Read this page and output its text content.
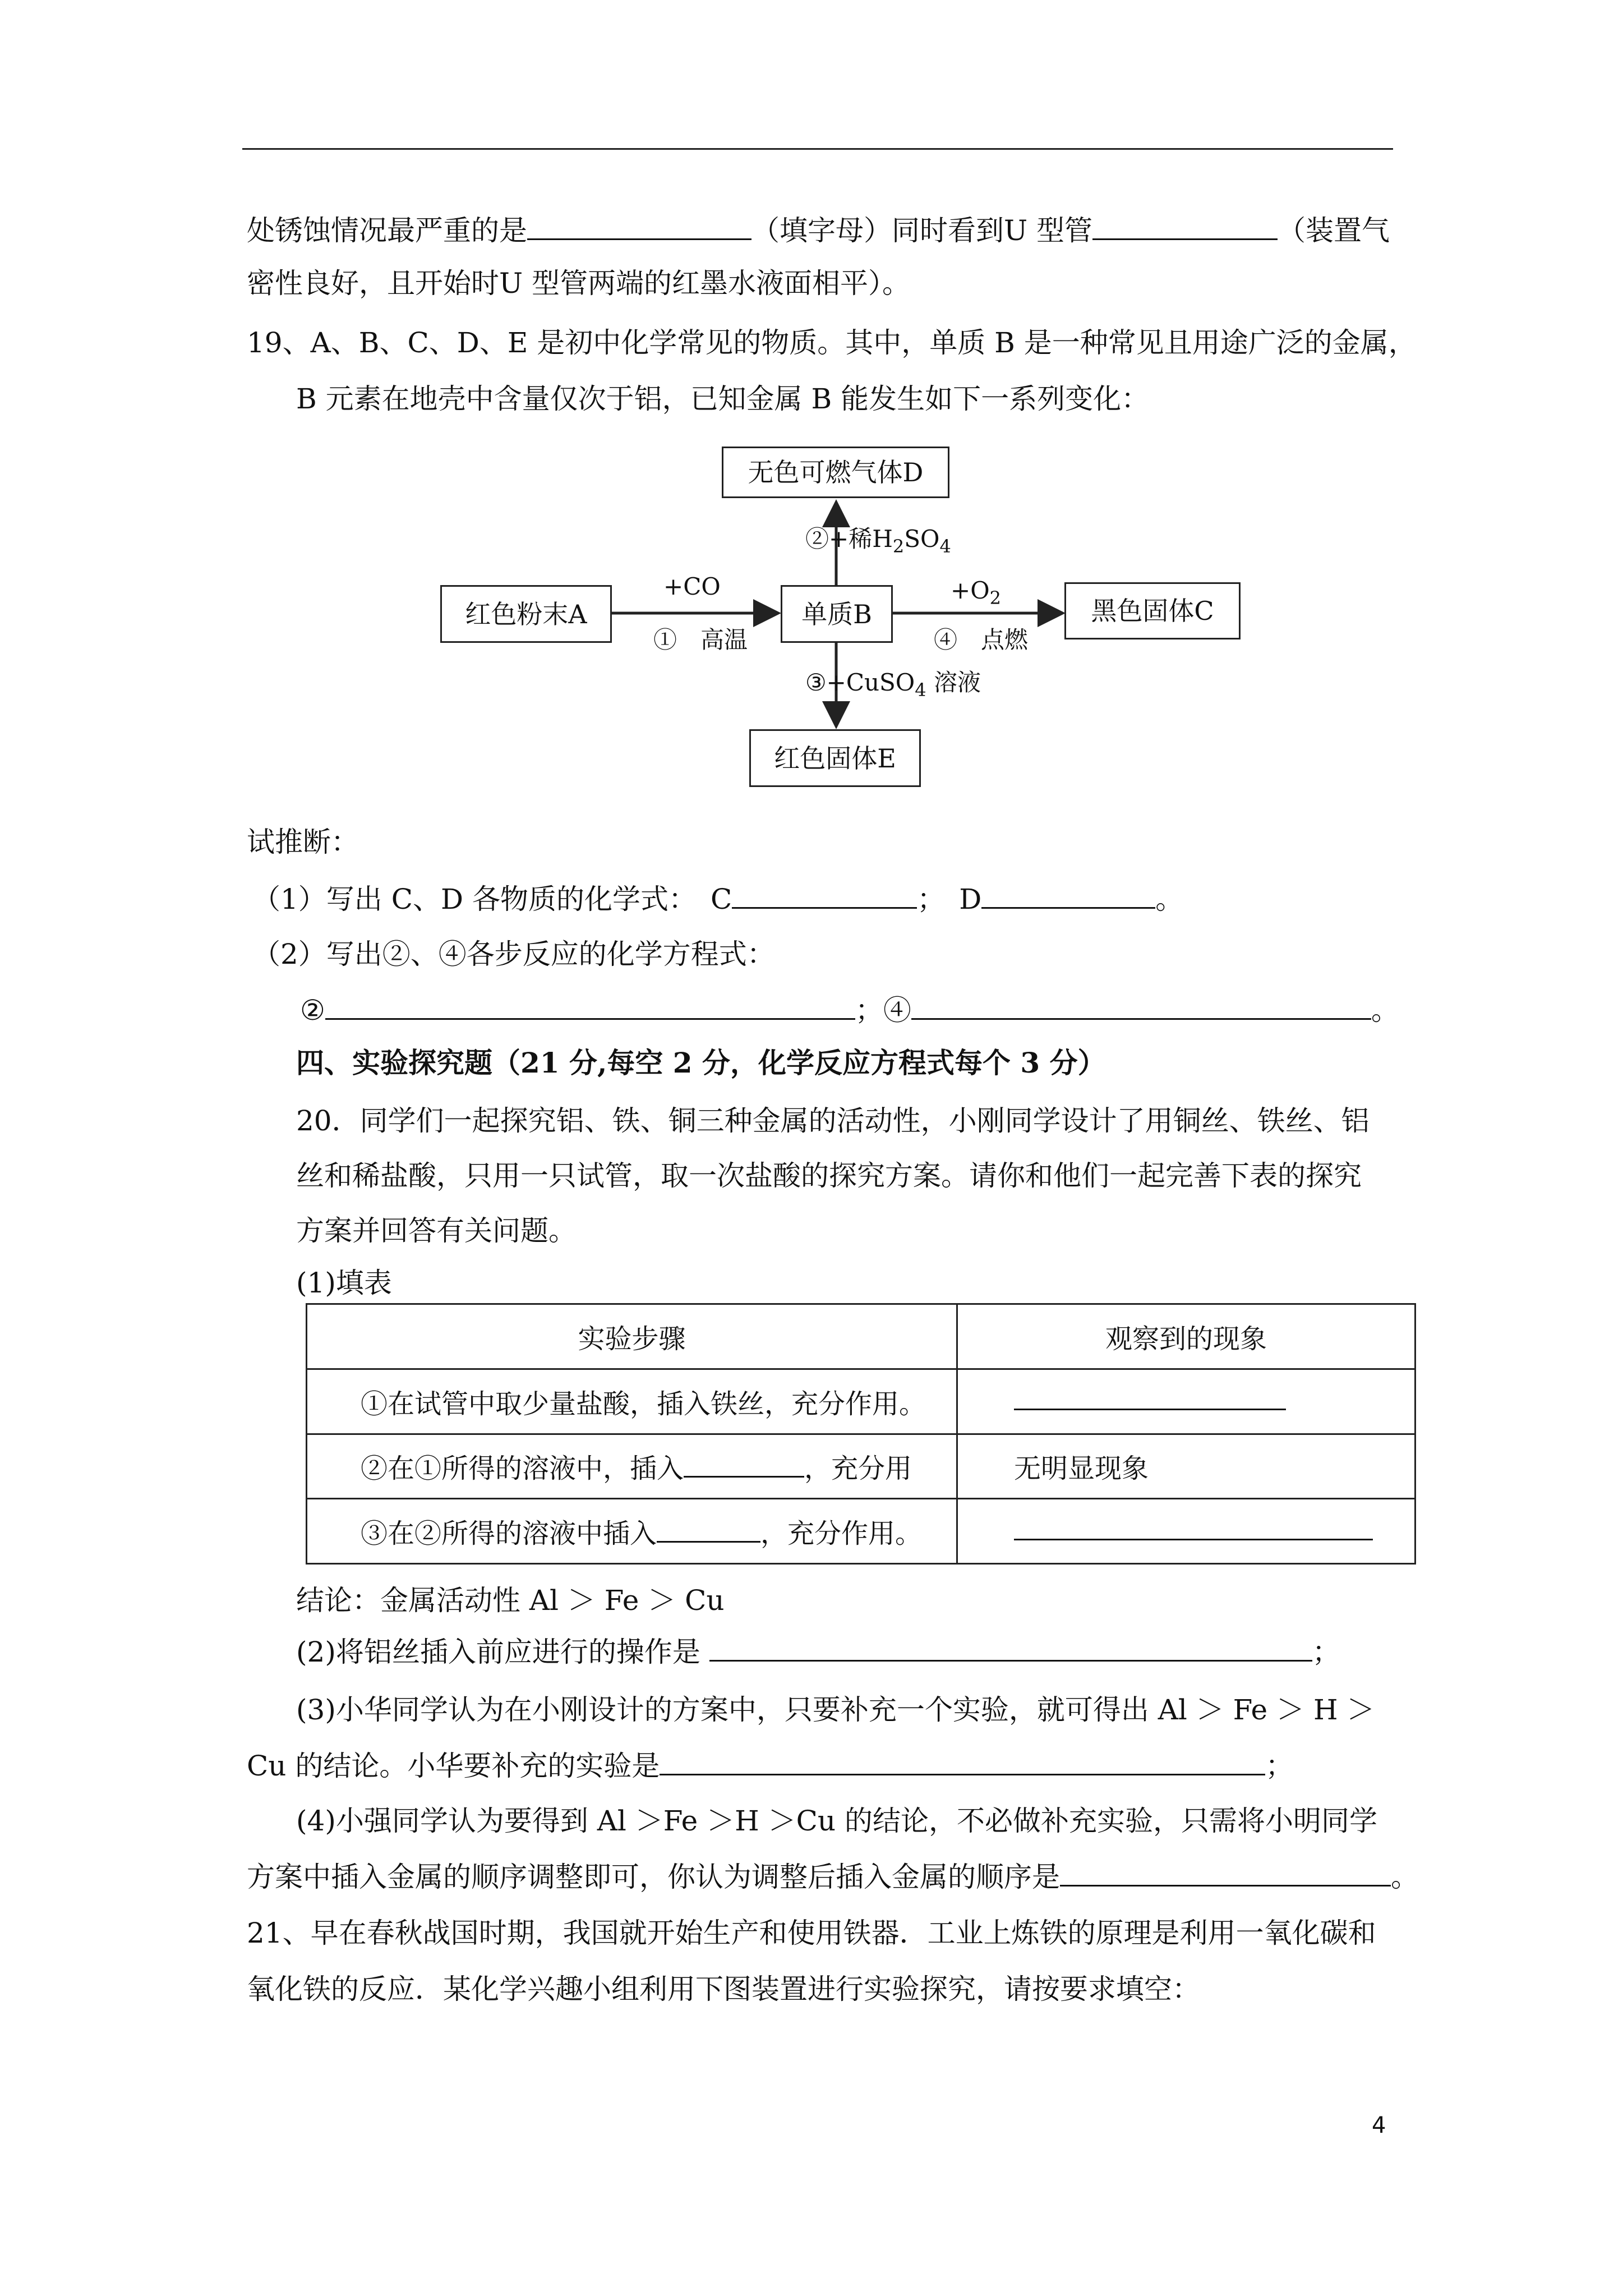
处锈蚀情况最严重的是	（填字母）同时看到U 型管	（装置气
密性良好，且开始时U 型管两端的红墨水液面相平）。
19、A、B、C、D、E 是初中化学常见的物质。其中，单质 B 是一种常见且用途广泛的金属，
B 元素在地壳中含量仅次于铝，已知金属 B 能发生如下一系列变化：
无色可燃气体D
红色粉末A	单质B	黑色固体C
红色固体E
+CO
①　高温
②+稀$H_2SO_4$
③+CuSO$_4$ 溶液
$+O_2$
④　点燃
试推断：
（1）写出 C、D 各物质的化学式：　C	；　D	。
（2）写出②、④各步反应的化学方程式：
②	；④	。
四、实验探究题（21 分,每空 2 分，化学反应方程式每个 3 分）
20．同学们一起探究铝、铁、铜三种金属的活动性，小刚同学设计了用铜丝、铁丝、铝
丝和稀盐酸，只用一只试管，取一次盐酸的探究方案。请你和他们一起完善下表的探究
方案并回答有关问题。
(1)填表
实验步骤	观察到的现象
①在试管中取少量盐酸，插入铁丝，充分作用。	
②在①所得的溶液中，插入 ，充分用	无明显现象
③在②所得的溶液中插入 ，充分作用。	
结论：金属活动性 Al ＞ Fe ＞ Cu
(2)将铝丝插入前应进行的操作是	；
(3)小华同学认为在小刚设计的方案中，只要补充一个实验，就可得出 Al ＞ Fe ＞ H ＞
Cu 的结论。小华要补充的实验是	；
(4)小强同学认为要得到 Al ＞Fe ＞H ＞Cu 的结论，不必做补充实验，只需将小明同学
方案中插入金属的顺序调整即可，你认为调整后插入金属的顺序是	。
21、早在春秋战国时期，我国就开始生产和使用铁器．工业上炼铁的原理是利用一氧化碳和
氧化铁的反应．某化学兴趣小组利用下图装置进行实验探究，请按要求填空：
4
